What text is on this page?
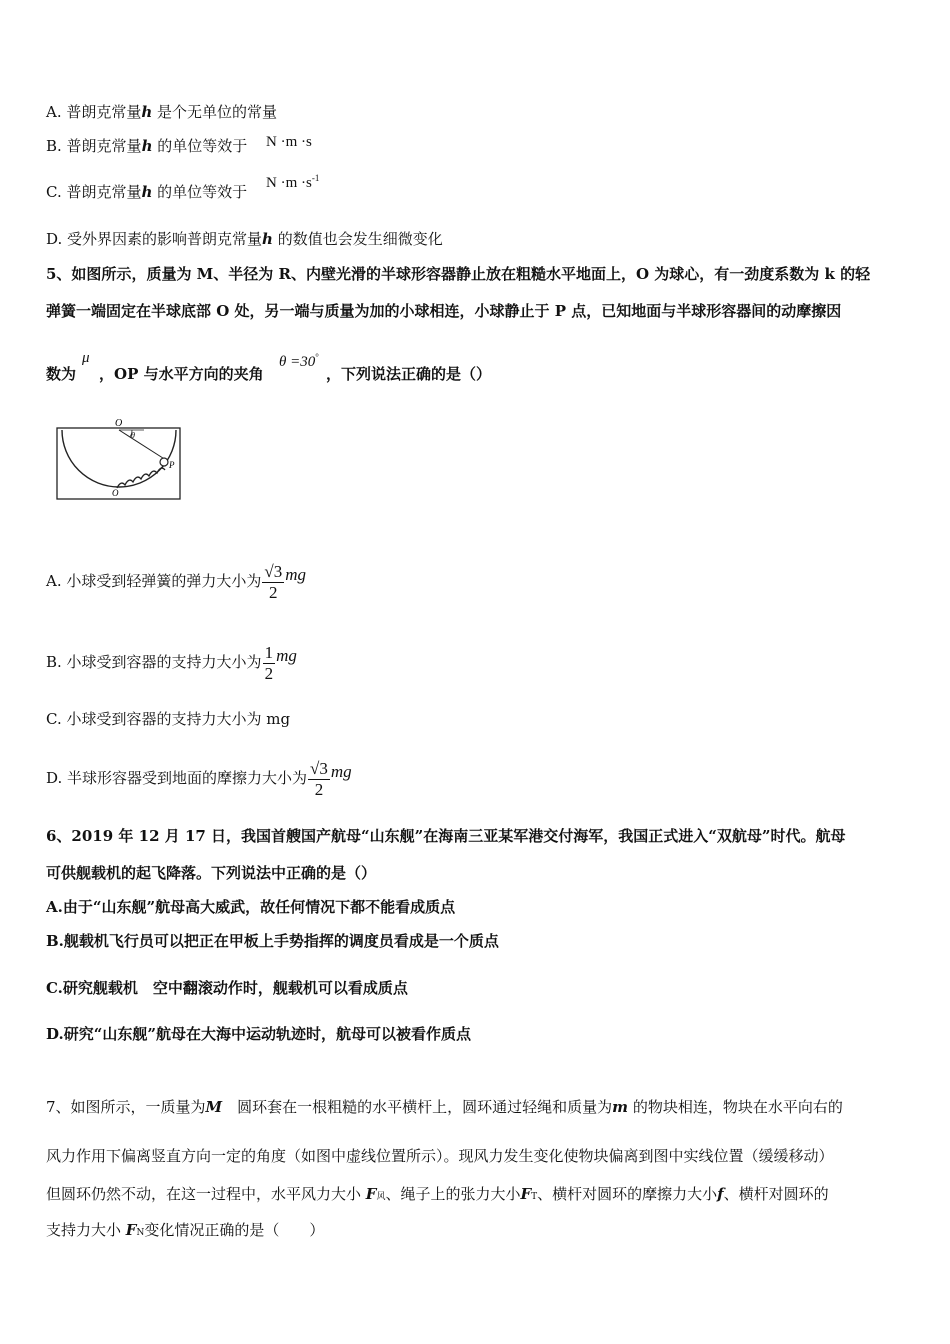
A. 普朗克常量h 是个无单位的常量
B. 普朗克常量h 的单位等效于 N ·m ·s
C. 普朗克常量h 的单位等效于 $N \cdot m \cdot s^{-1}$
D. 受外界因素的影响普朗克常量h 的数值也会发生细微变化
5、如图所示，质量为 M、半径为 R、内壁光滑的半球形容器静止放在粗糙水平地面上，O 为球心，有一劲度系数为 k 的轻
弹簧一端固定在半球底部 O 处，另一端与质量为加的小球相连，小球静止于 P 点，已知地面与半球形容器间的动摩擦因
数为
μ
，OP 与水平方向的夹角
θ =30°
，下列说法正确的是（）
O
θ
P
O
A. 小球受到轻弹簧的弹力大小为 $\frac{√3}{2}$ mg
B. 小球受到容器的支持力大小为 $\frac{1}{2}$ mg
C. 小球受到容器的支持力大小为 mg
D. 半球形容器受到地面的摩擦力大小为 $\frac{√3}{2}$ mg
6、2019 年 12 月 17 日，我国首艘国产航母“山东舰”在海南三亚某军港交付海军，我国正式进入“双航母”时代。航母
可供舰载机的起飞降落。下列说法中正确的是（）
A.由于“山东舰”航母高大威武，故任何情况下都不能看成质点
B.舰载机飞行员可以把正在甲板上手势指挥的调度员看成是一个质点
C.研究舰载机　空中翻滚动作时，舰载机可以看成质点
D.研究“山东舰”航母在大海中运动轨迹时，航母可以被看作质点
7、如图所示，一质量为M　圆环套在一根粗糙的水平横杆上，圆环通过轻绳和质量为m 的物块相连，物块在水平向右的
风力作用下偏离竖直方向一定的角度（如图中虚线位置所示）。现风力发生变化使物块偏离到图中实线位置（缓缓移动）
但圆环仍然不动，在这一过程中，水平风力大小 F风、绳子上的张力大小FT、横杆对圆环的摩擦力大小f、横杆对圆环的
支持力大小 FN变化情况正确的是（　　）
